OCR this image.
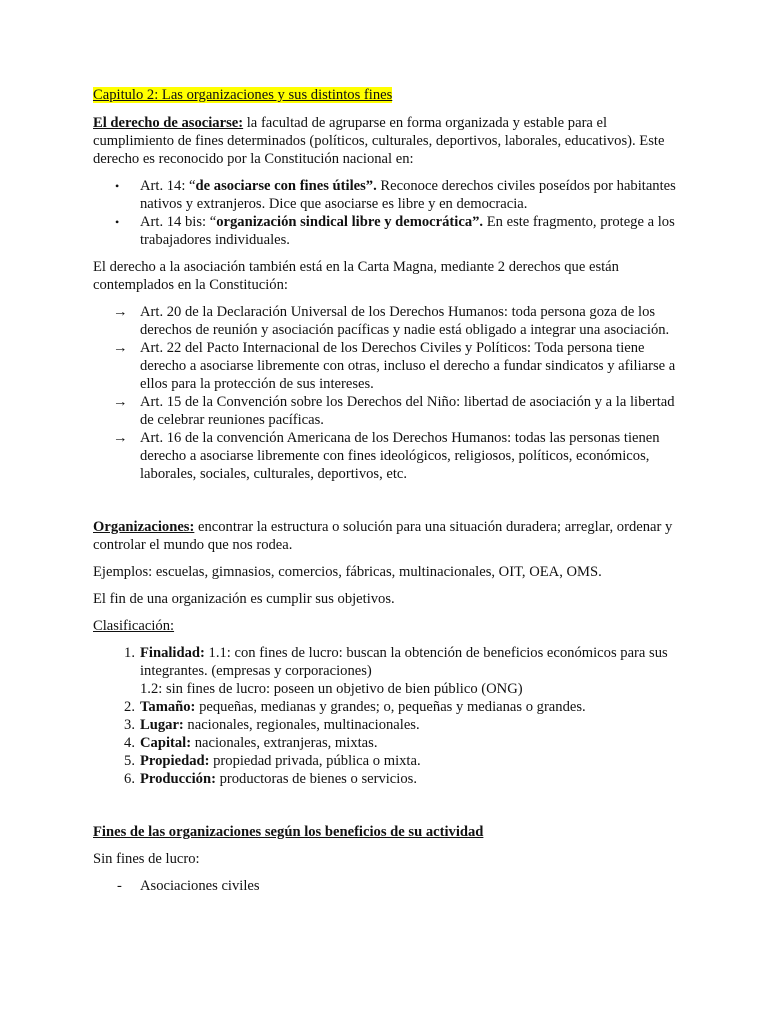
Capitulo 2: Las organizaciones y sus distintos fines

El derecho de asociarse: la facultad de agruparse en forma organizada y estable para el cumplimiento de fines determinados (políticos, culturales, deportivos, laborales, educativos). Este derecho es reconocido por la Constitución nacional en:

• Art. 14: “de asociarse con fines útiles”. Reconoce derechos civiles poseídos por habitantes nativos y extranjeros. Dice que asociarse es libre y en democracia.
• Art. 14 bis: “organización sindical libre y democrática”. En este fragmento, protege a los trabajadores individuales.

El derecho a la asociación también está en la Carta Magna, mediante 2 derechos que están contemplados en la Constitución:

→ Art. 20 de la Declaración Universal de los Derechos Humanos: toda persona goza de los derechos de reunión y asociación pacíficas y nadie está obligado a integrar una asociación.
→ Art. 22 del Pacto Internacional de los Derechos Civiles y Políticos: Toda persona tiene derecho a asociarse libremente con otras, incluso el derecho a fundar sindicatos y afiliarse a ellos para la protección de sus intereses.
→ Art. 15 de la Convención sobre los Derechos del Niño: libertad de asociación y a la libertad de celebrar reuniones pacíficas.
→ Art. 16 de la convención Americana de los Derechos Humanos: todas las personas tienen derecho a asociarse libremente con fines ideológicos, religiosos, políticos, económicos, laborales, sociales, culturales, deportivos, etc.

Organizaciones: encontrar la estructura o solución para una situación duradera; arreglar, ordenar y controlar el mundo que nos rodea.

Ejemplos: escuelas, gimnasios, comercios, fábricas, multinacionales, OIT, OEA, OMS.

El fin de una organización es cumplir sus objetivos.

Clasificación:

1. Finalidad: 1.1: con fines de lucro: buscan la obtención de beneficios económicos para sus integrantes. (empresas y corporaciones)
1.2: sin fines de lucro: poseen un objetivo de bien público (ONG)
2. Tamaño: pequeñas, medianas y grandes; o, pequeñas y medianas o grandes.
3. Lugar: nacionales, regionales, multinacionales.
4. Capital: nacionales, extranjeras, mixtas.
5. Propiedad: propiedad privada, pública o mixta.
6. Producción: productoras de bienes o servicios.

Fines de las organizaciones según los beneficios de su actividad

Sin fines de lucro:

- Asociaciones civiles
